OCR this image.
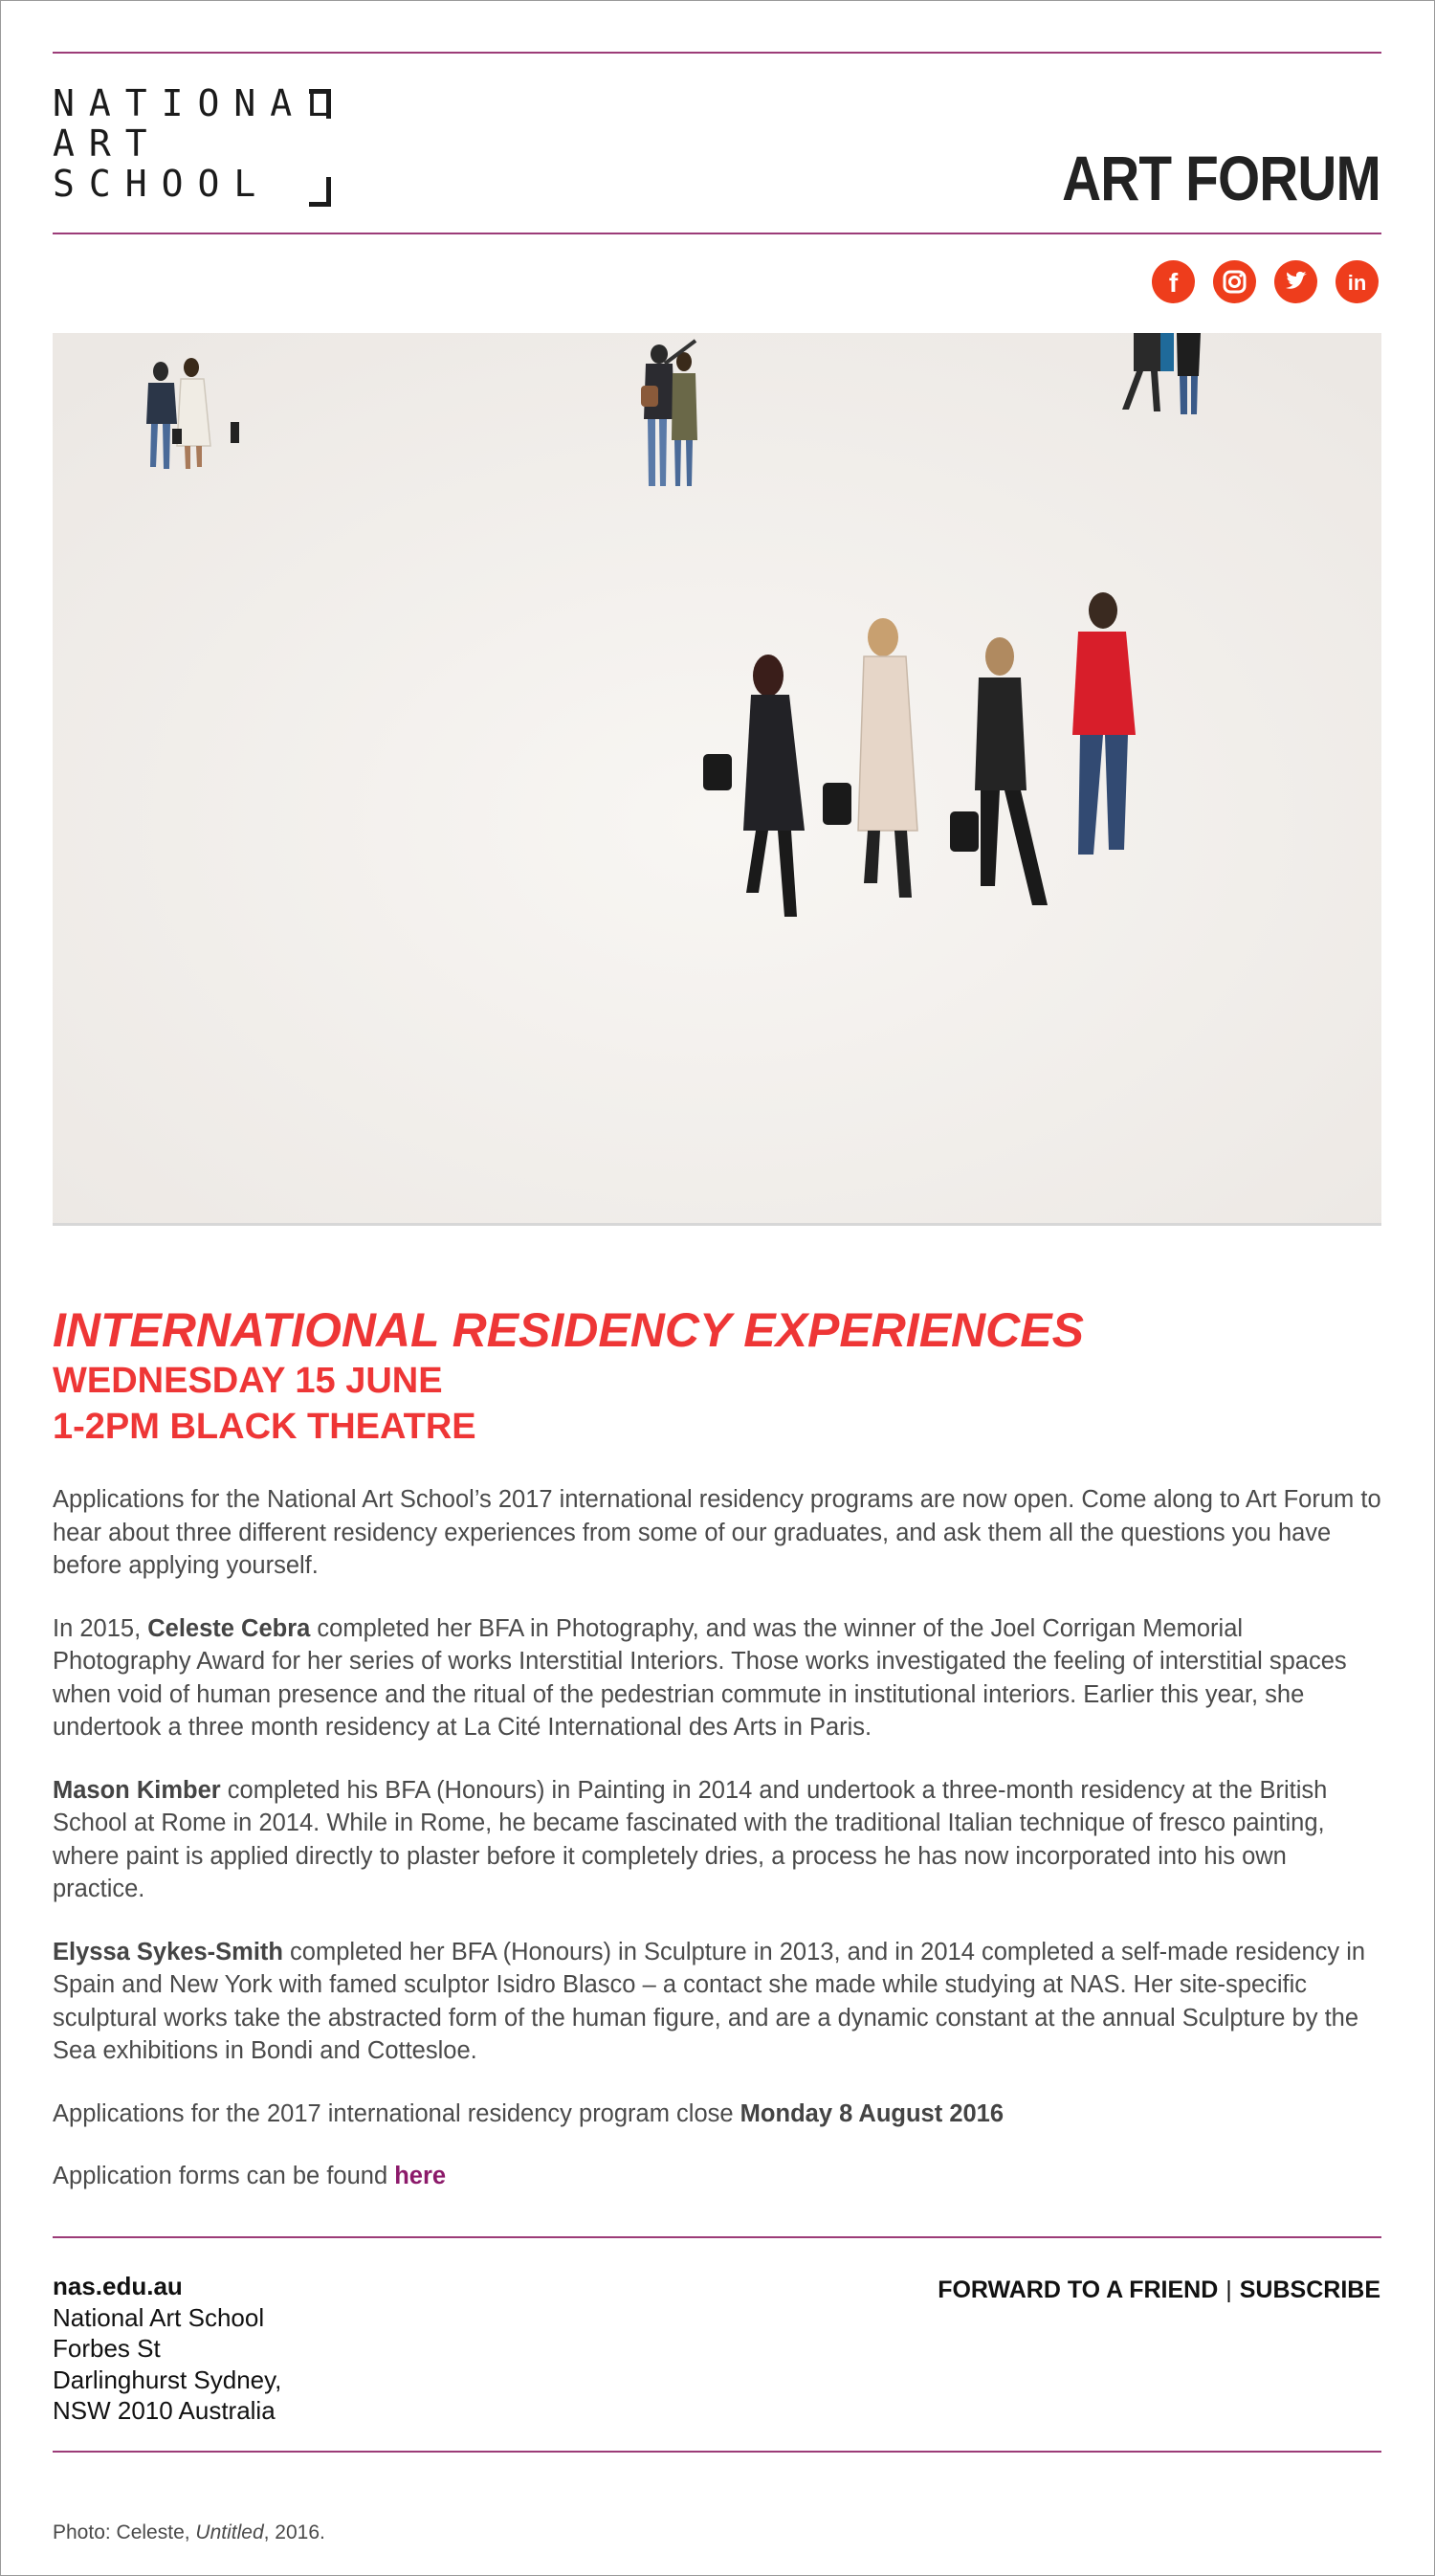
NATIONAL
ART
SCHOOL	ART FORUM
f	in
INTERNATIONAL RESIDENCY EXPERIENCES
WEDNESDAY 15 JUNE
1-2PM BLACK THEATRE

Applications for the National Art School’s 2017 international residency programs are now open. Come along to Art Forum to hear about three different residency experiences from some of our graduates, and ask them all the questions you have before applying yourself.

In 2015, Celeste Cebra completed her BFA in Photography, and was the winner of the Joel Corrigan Memorial Photography Award for her series of works Interstitial Interiors. Those works investigated the feeling of interstitial spaces when void of human presence and the ritual of the pedestrian commute in institutional interiors. Earlier this year, she undertook a three month residency at La Cité International des Arts in Paris.

Mason Kimber completed his BFA (Honours) in Painting in 2014 and undertook a three-month residency at the British School at Rome in 2014. While in Rome, he became fascinated with the traditional Italian technique of fresco painting, where paint is applied directly to plaster before it completely dries, a process he has now incorporated into his own practice.

Elyssa Sykes-Smith completed her BFA (Honours) in Sculpture in 2013, and in 2014 completed a self-made residency in Spain and New York with famed sculptor Isidro Blasco – a contact she made while studying at NAS. Her site-specific sculptural works take the abstracted form of the human figure, and are a dynamic constant at the annual Sculpture by the Sea exhibitions in Bondi and Cottesloe.

Applications for the 2017 international residency program close Monday 8 August 2016

Application forms can be found here

nas.edu.au
National Art School
Forbes St
Darlinghurst Sydney,
NSW 2010 Australia
FORWARD TO A FRIEND | SUBSCRIBE
Photo: Celeste, Untitled, 2016.
